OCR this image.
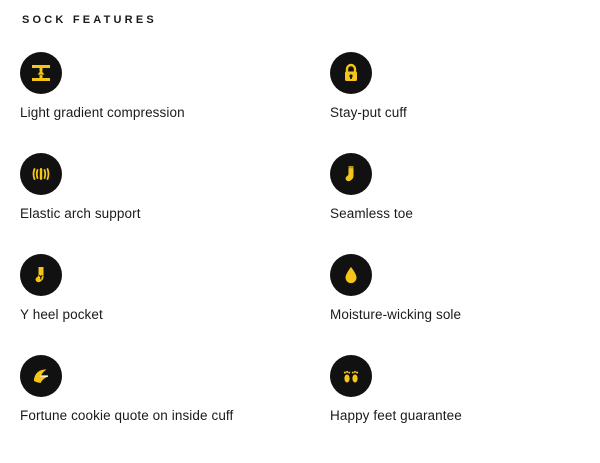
SOCK FEATURES
Light gradient compression	Stay-put cuff
Elastic arch support	Seamless toe
Y heel pocket	Moisture-wicking sole
Fortune cookie quote on inside cuff	Happy feet guarantee
